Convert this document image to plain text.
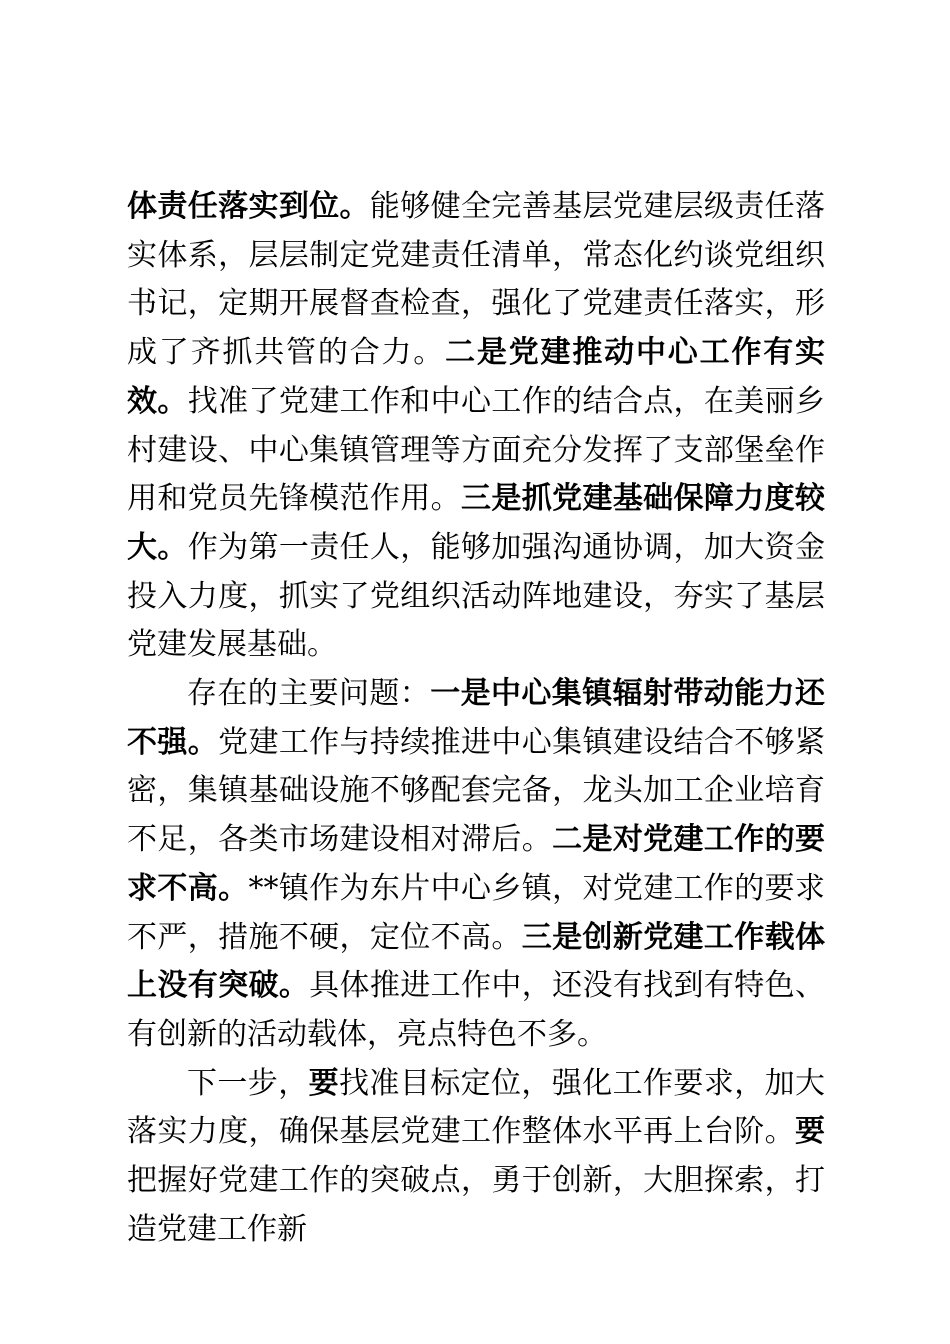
体责任落实到位。能够健全完善基层党建层级责任落实体系，层层制定党建责任清单，常态化约谈党组织书记，定期开展督查检查，强化了党建责任落实，形成了齐抓共管的合力。二是党建推动中心工作有实效。找准了党建工作和中心工作的结合点，在美丽乡村建设、中心集镇管理等方面充分发挥了支部堡垒作用和党员先锋模范作用。三是抓党建基础保障力度较大。作为第一责任人，能够加强沟通协调，加大资金投入力度，抓实了党组织活动阵地建设，夯实了基层党建发展基础。

存在的主要问题：一是中心集镇辐射带动能力还不强。党建工作与持续推进中心集镇建设结合不够紧密，集镇基础设施不够配套完备，龙头加工企业培育不足，各类市场建设相对滞后。二是对党建工作的要求不高。**镇作为东片中心乡镇，对党建工作的要求不严，措施不硬，定位不高。三是创新党建工作载体上没有突破。具体推进工作中，还没有找到有特色、有创新的活动载体，亮点特色不多。

下一步，要找准目标定位，强化工作要求，加大落实力度，确保基层党建工作整体水平再上台阶。要把握好党建工作的突破点，勇于创新，大胆探索，打造党建工作新
